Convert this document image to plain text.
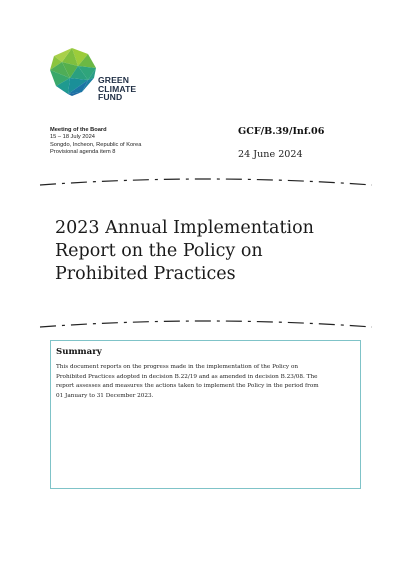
GREEN
CLIMATE
FUND
Meeting of the Board
15 – 18 July 2024
Songdo, Incheon, Republic of Korea
Provisional agenda item 8
GCF/B.39/Inf.06
24 June 2024
2023 Annual Implementation
Report on the Policy on
Prohibited Practices
Summary
This document reports on the progress made in the implementation of the Policy on
Prohibited Practices adopted in decision B.22/19 and as amended in decision B.23/08. The
report assesses and measures the actions taken to implement the Policy in the period from
01 January to 31 December 2023.
